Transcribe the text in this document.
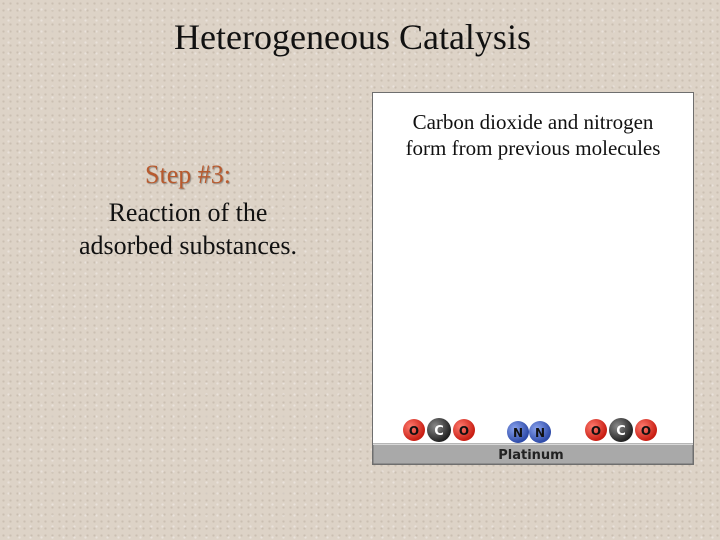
Heterogeneous Catalysis
Step #3:
Reaction of the
adsorbed substances.
Carbon dioxide and nitrogen
form from previous molecules
O C O	N N	O C O
Platinum
